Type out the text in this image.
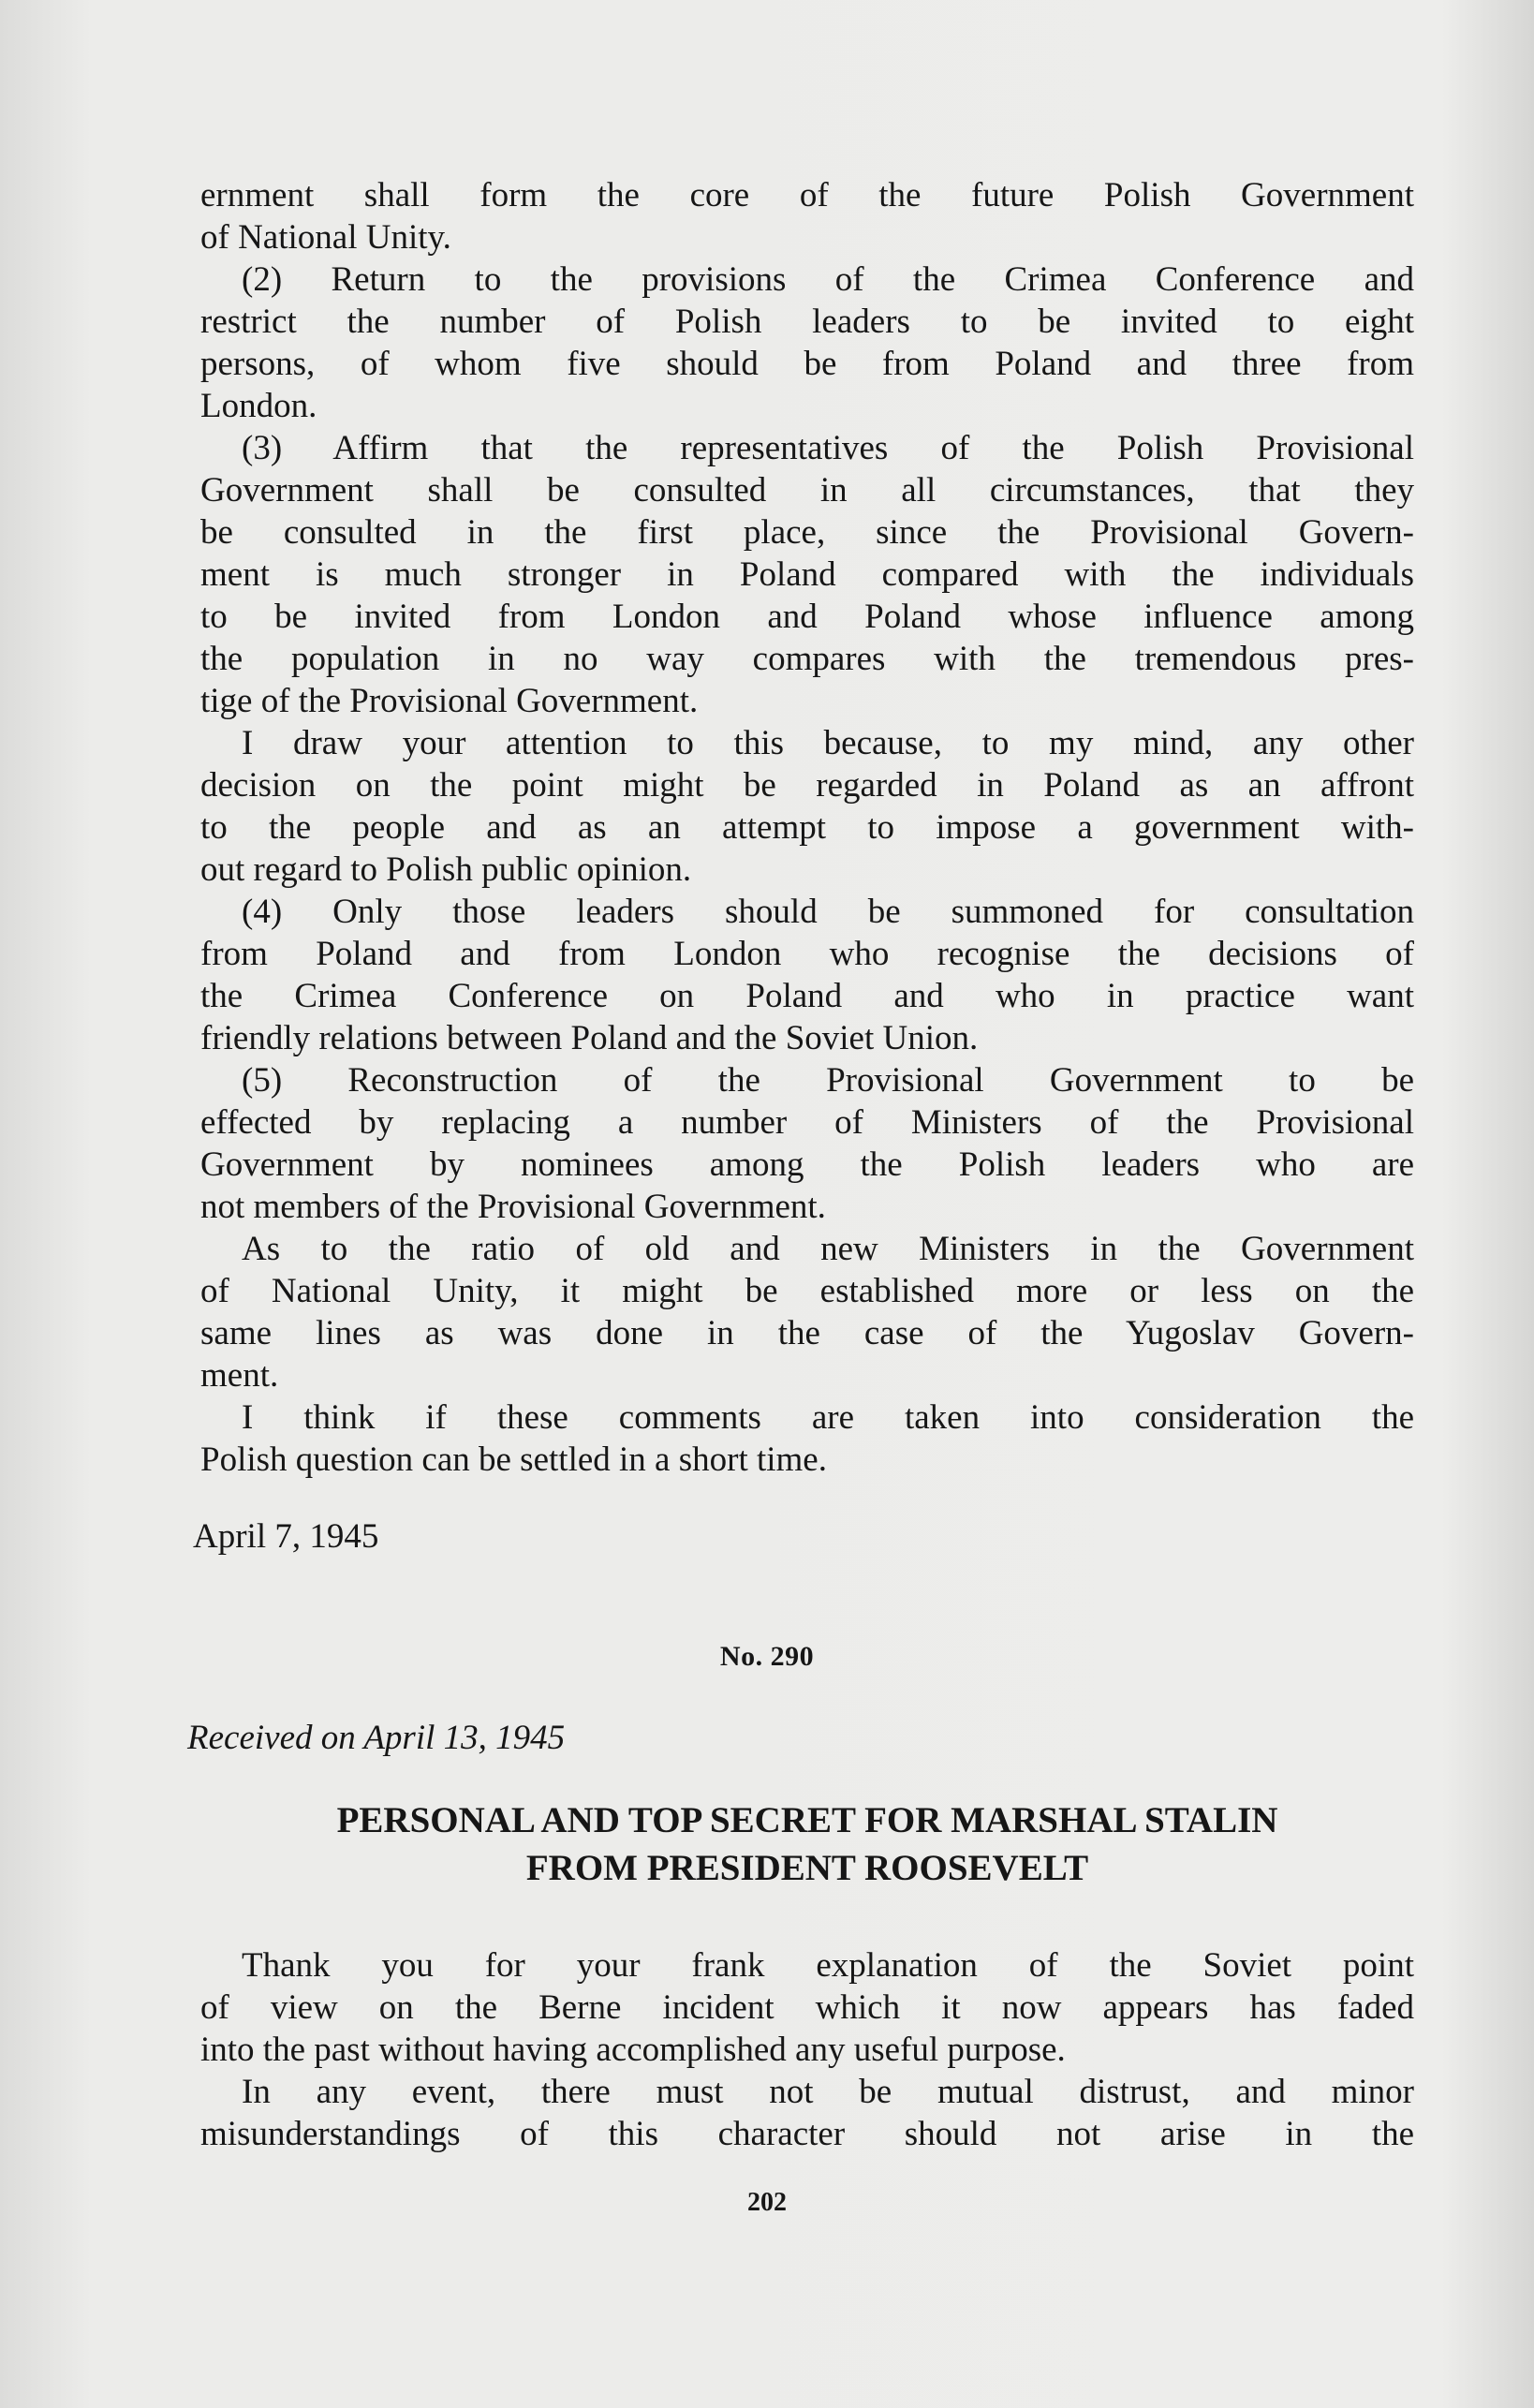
ernment shall form the core of the future Polish Government
of National Unity.
(2) Return to the provisions of the Crimea Conference and
restrict the number of Polish leaders to be invited to eight
persons, of whom five should be from Poland and three from
London.
(3) Affirm that the representatives of the Polish Provisional
Government shall be consulted in all circumstances, that they
be consulted in the first place, since the Provisional Govern-
ment is much stronger in Poland compared with the individuals
to be invited from London and Poland whose influence among
the population in no way compares with the tremendous pres-
tige of the Provisional Government.
I draw your attention to this because, to my mind, any other
decision on the point might be regarded in Poland as an affront
to the people and as an attempt to impose a government with-
out regard to Polish public opinion.
(4) Only those leaders should be summoned for consultation
from Poland and from London who recognise the decisions of
the Crimea Conference on Poland and who in practice want
friendly relations between Poland and the Soviet Union.
(5) Reconstruction of the Provisional Government to be
effected by replacing a number of Ministers of the Provisional
Government by nominees among the Polish leaders who are
not members of the Provisional Government.
As to the ratio of old and new Ministers in the Government
of National Unity, it might be established more or less on the
same lines as was done in the case of the Yugoslav Govern-
ment.
I think if these comments are taken into consideration the
Polish question can be settled in a short time.
April 7, 1945
No. 290
Received on April 13, 1945
PERSONAL AND TOP SECRET FOR MARSHAL STALIN
FROM PRESIDENT ROOSEVELT
Thank you for your frank explanation of the Soviet point
of view on the Berne incident which it now appears has faded
into the past without having accomplished any useful purpose.
In any event, there must not be mutual distrust, and minor
misunderstandings of this character should not arise in the
202
